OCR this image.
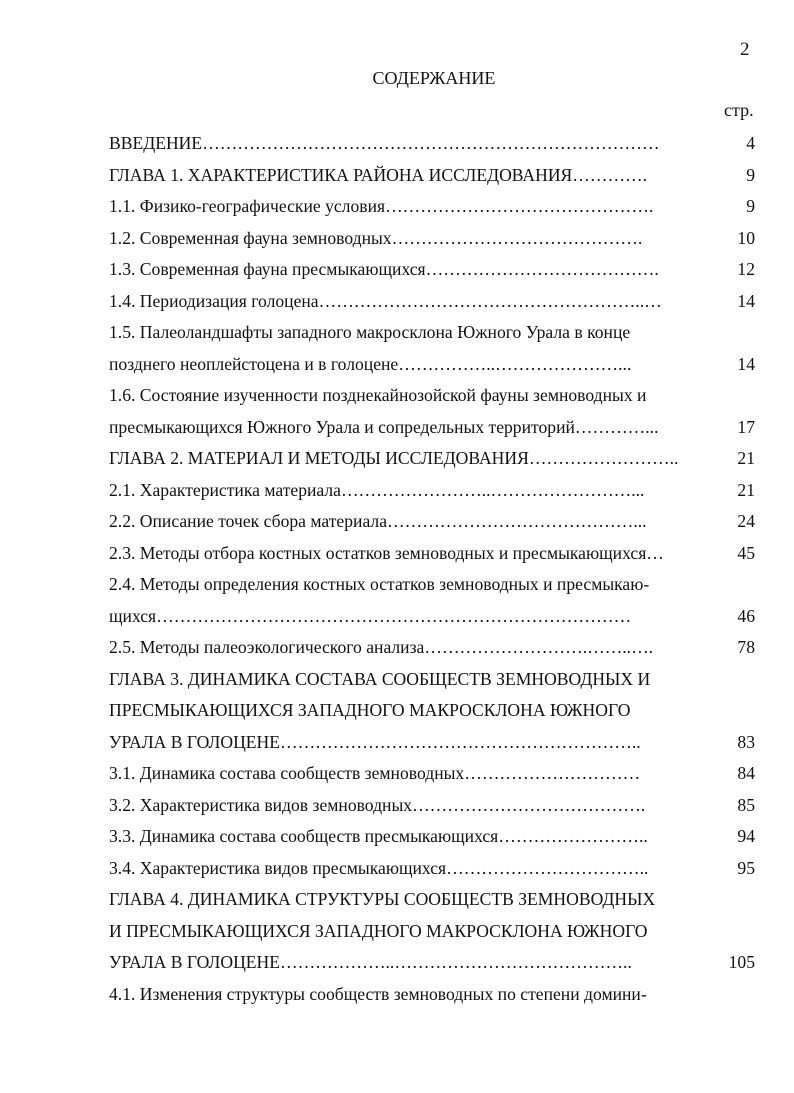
2
СОДЕРЖАНИЕ
стр.
ВВЕДЕНИЕ……………………………………………………………………	4
ГЛАВА 1. ХАРАКТЕРИСТИКА РАЙОНА ИССЛЕДОВАНИЯ………….	9
1.1. Физико-географические условия……………………………………….	9
1.2. Современная фауна земноводных…………………………………….	10
1.3. Современная фауна пресмыкающихся………………………………….	12
1.4. Периодизация голоцена………………………………………………..…	14
1.5. Палеоландшафты западного макросклона Южного Урала в конце
позднего неоплейстоцена и в голоцене……………..…………………...	14
1.6. Состояние изученности позднекайнозойской фауны земноводных и
пресмыкающихся Южного Урала и сопредельных территорий…………...	17
ГЛАВА 2. МАТЕРИАЛ И МЕТОДЫ ИССЛЕДОВАНИЯ……………………..	21
2.1. Характеристика материала……………………..……………………...	21
2.2. Описание точек сбора материала……………………………………...	24
2.3. Методы отбора костных остатков земноводных и пресмыкающихся…	45
2.4. Методы определения костных остатков земноводных и пресмыкаю-
щихся………………………………………………………………………	46
2.5. Методы палеоэкологического анализа……………………….……..….	78
ГЛАВА 3. ДИНАМИКА СОСТАВА СООБЩЕСТВ ЗЕМНОВОДНЫХ И
ПРЕСМЫКАЮЩИХСЯ ЗАПАДНОГО МАКРОСКЛОНА ЮЖНОГО
УРАЛА В ГОЛОЦЕНЕ……………………………………………………..	83
3.1. Динамика состава сообществ земноводных…………………………	84
3.2. Характеристика видов земноводных………………………………….	85
3.3. Динамика состава сообществ пресмыкающихся……………………..	94
3.4. Характеристика видов пресмыкающихся……………………………..	95
ГЛАВА 4. ДИНАМИКА СТРУКТУРЫ СООБЩЕСТВ ЗЕМНОВОДНЫХ
И ПРЕСМЫКАЮЩИХСЯ ЗАПАДНОГО МАКРОСКЛОНА ЮЖНОГО
УРАЛА В ГОЛОЦЕНЕ………………..…………………………………..	105
4.1. Изменения структуры сообществ земноводных по степени домини-
